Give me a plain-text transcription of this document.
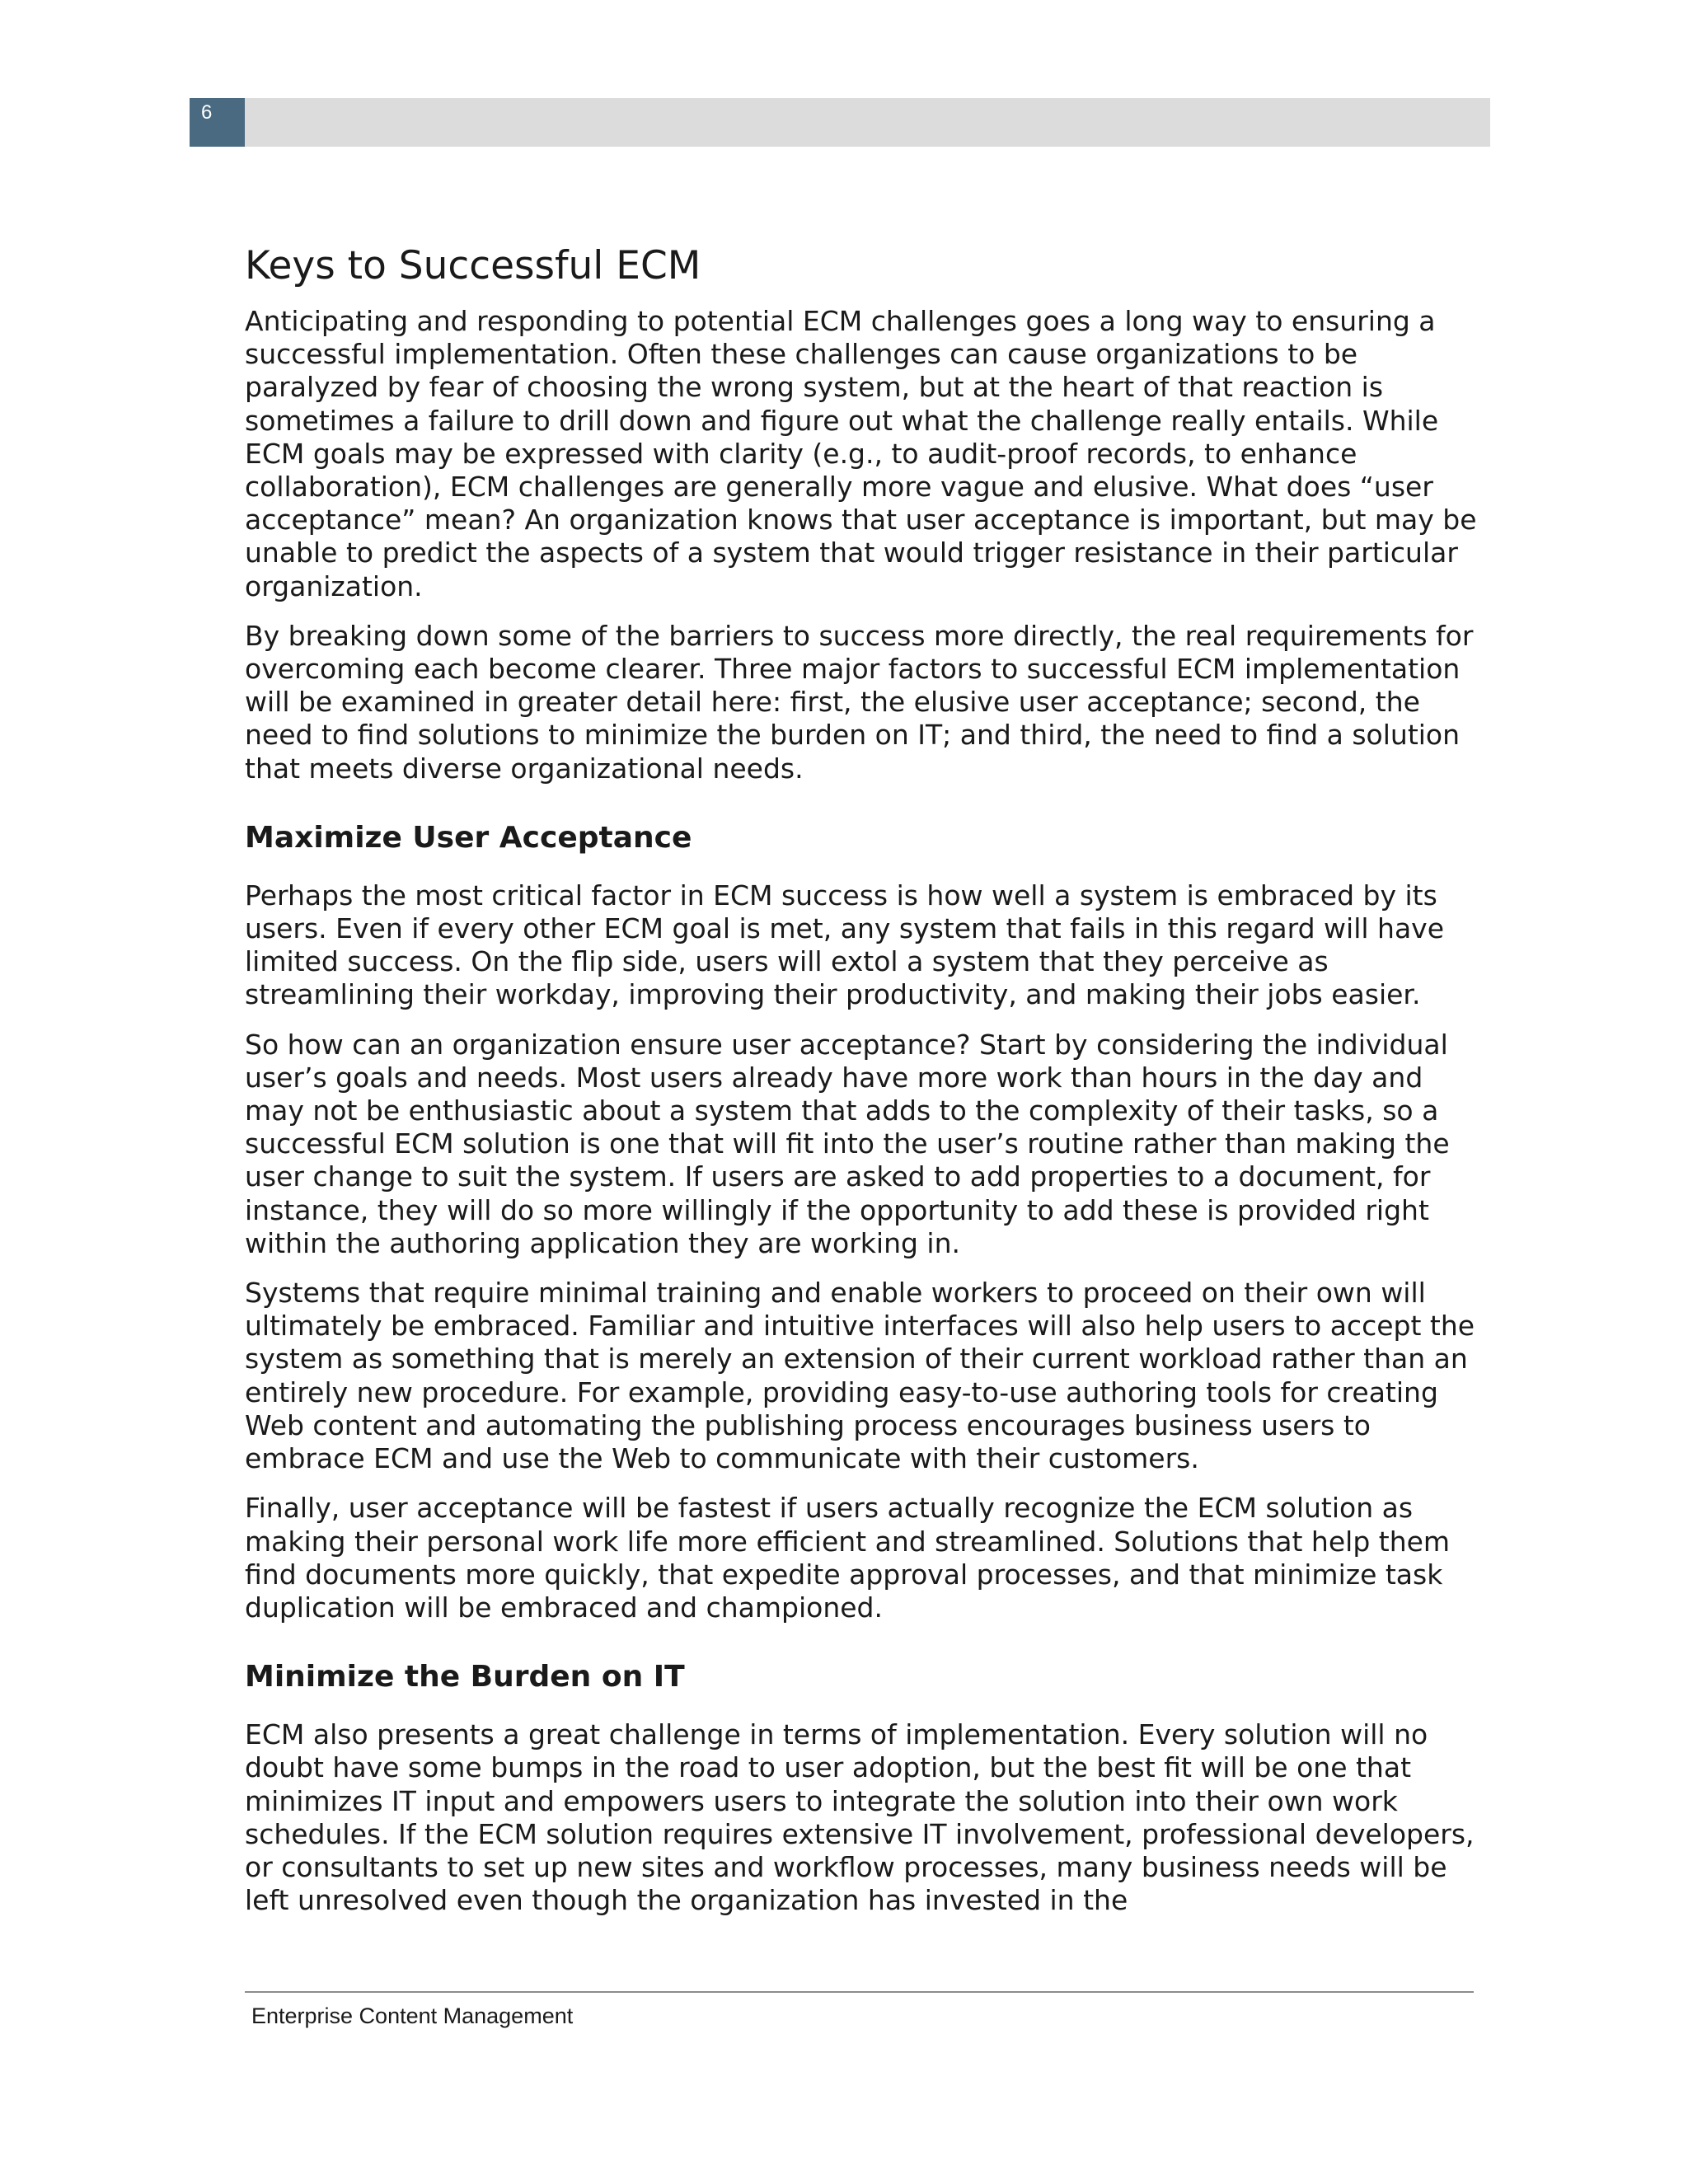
6
Keys to Successful ECM

Anticipating and responding to potential ECM challenges goes a long way to ensuring a successful implementation. Often these challenges can cause organizations to be paralyzed by fear of choosing the wrong system, but at the heart of that reaction is sometimes a failure to drill down and figure out what the challenge really entails. While ECM goals may be expressed with clarity (e.g., to audit-proof records, to enhance collaboration), ECM challenges are generally more vague and elusive. What does “user acceptance” mean? An organization knows that user acceptance is important, but may be unable to predict the aspects of a system that would trigger resistance in their particular organization.

By breaking down some of the barriers to success more directly, the real requirements for overcoming each become clearer. Three major factors to successful ECM implementation will be examined in greater detail here: first, the elusive user acceptance; second, the need to find solutions to minimize the burden on IT; and third, the need to find a solution that meets diverse organizational needs.

Maximize User Acceptance

Perhaps the most critical factor in ECM success is how well a system is embraced by its users. Even if every other ECM goal is met, any system that fails in this regard will have limited success. On the flip side, users will extol a system that they perceive as streamlining their workday, improving their productivity, and making their jobs easier.

So how can an organization ensure user acceptance? Start by considering the individual user’s goals and needs. Most users already have more work than hours in the day and may not be enthusiastic about a system that adds to the complexity of their tasks, so a successful ECM solution is one that will fit into the user’s routine rather than making the user change to suit the system. If users are asked to add properties to a document, for instance, they will do so more willingly if the opportunity to add these is provided right within the authoring application they are working in.

Systems that require minimal training and enable workers to proceed on their own will ultimately be embraced. Familiar and intuitive interfaces will also help users to accept the system as something that is merely an extension of their current workload rather than an entirely new procedure. For example, providing easy-to-use authoring tools for creating Web content and automating the publishing process encourages business users to embrace ECM and use the Web to communicate with their customers.

Finally, user acceptance will be fastest if users actually recognize the ECM solution as making their personal work life more efficient and streamlined. Solutions that help them find documents more quickly, that expedite approval processes, and that minimize task duplication will be embraced and championed.

Minimize the Burden on IT

ECM also presents a great challenge in terms of implementation. Every solution will no doubt have some bumps in the road to user adoption, but the best fit will be one that minimizes IT input and empowers users to integrate the solution into their own work schedules. If the ECM solution requires extensive IT involvement, professional developers, or consultants to set up new sites and workflow processes, many business needs will be left unresolved even though the organization has invested in the

Enterprise Content Management
